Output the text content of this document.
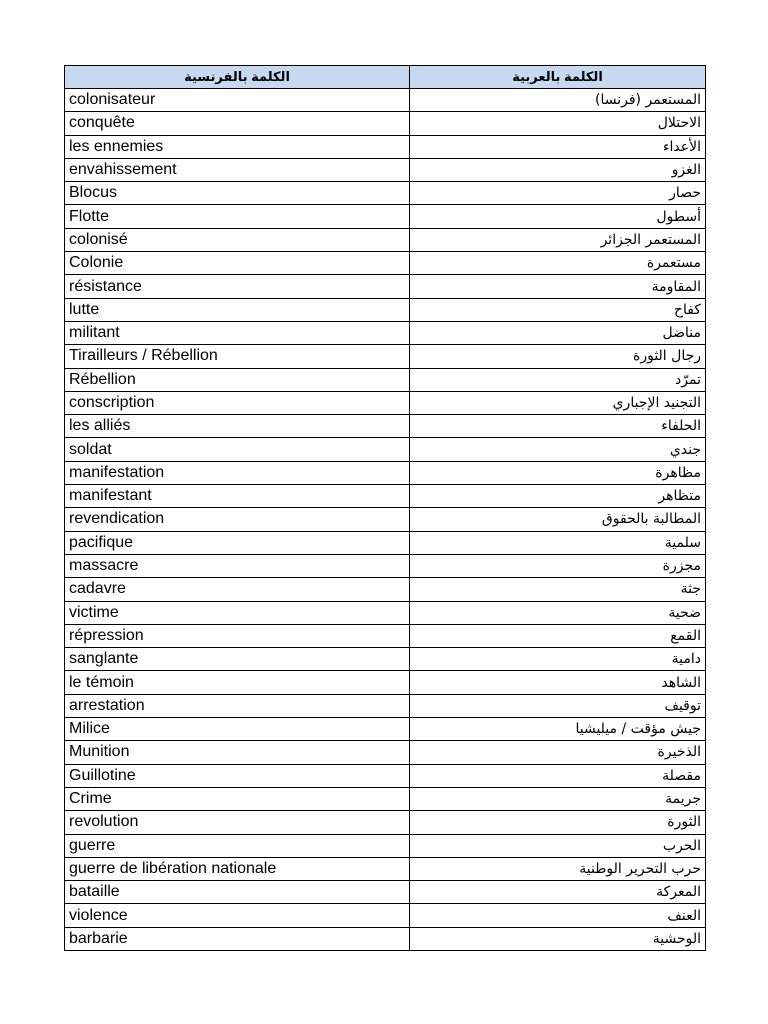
الكلمة بالفرنسية	الكلمة بالعربية
colonisateur	المستعمر (فرنسا)
conquête	الاحتلال
les ennemies	الأعداء
envahissement	الغزو
Blocus	حصار
Flotte	أسطول
colonisé	المستعمر الجزائر
Colonie	مستعمرة
résistance	المقاومة
lutte	كفاح
militant	مناضل
Tirailleurs / Rébellion	رجال الثورة
Rébellion	تمرّد
conscription	التجنيد الإجباري
les alliés	الحلفاء
soldat	جندي
manifestation	مظاهرة
manifestant	متظاهر
revendication	المطالبة بالحقوق
pacifique	سلمية
massacre	مجزرة
cadavre	جثة
victime	ضحية
répression	القمع
sanglante	دامية
le témoin	الشاهد
arrestation	توقيف
Milice	جيش مؤقت / ميليشيا
Munition	الذخيرة
Guillotine	مقصلة
Crime	جريمة
revolution	الثورة
guerre	الحرب
guerre de libération nationale	حرب التحرير الوطنية
bataille	المعركة
violence	العنف
barbarie	الوحشية
